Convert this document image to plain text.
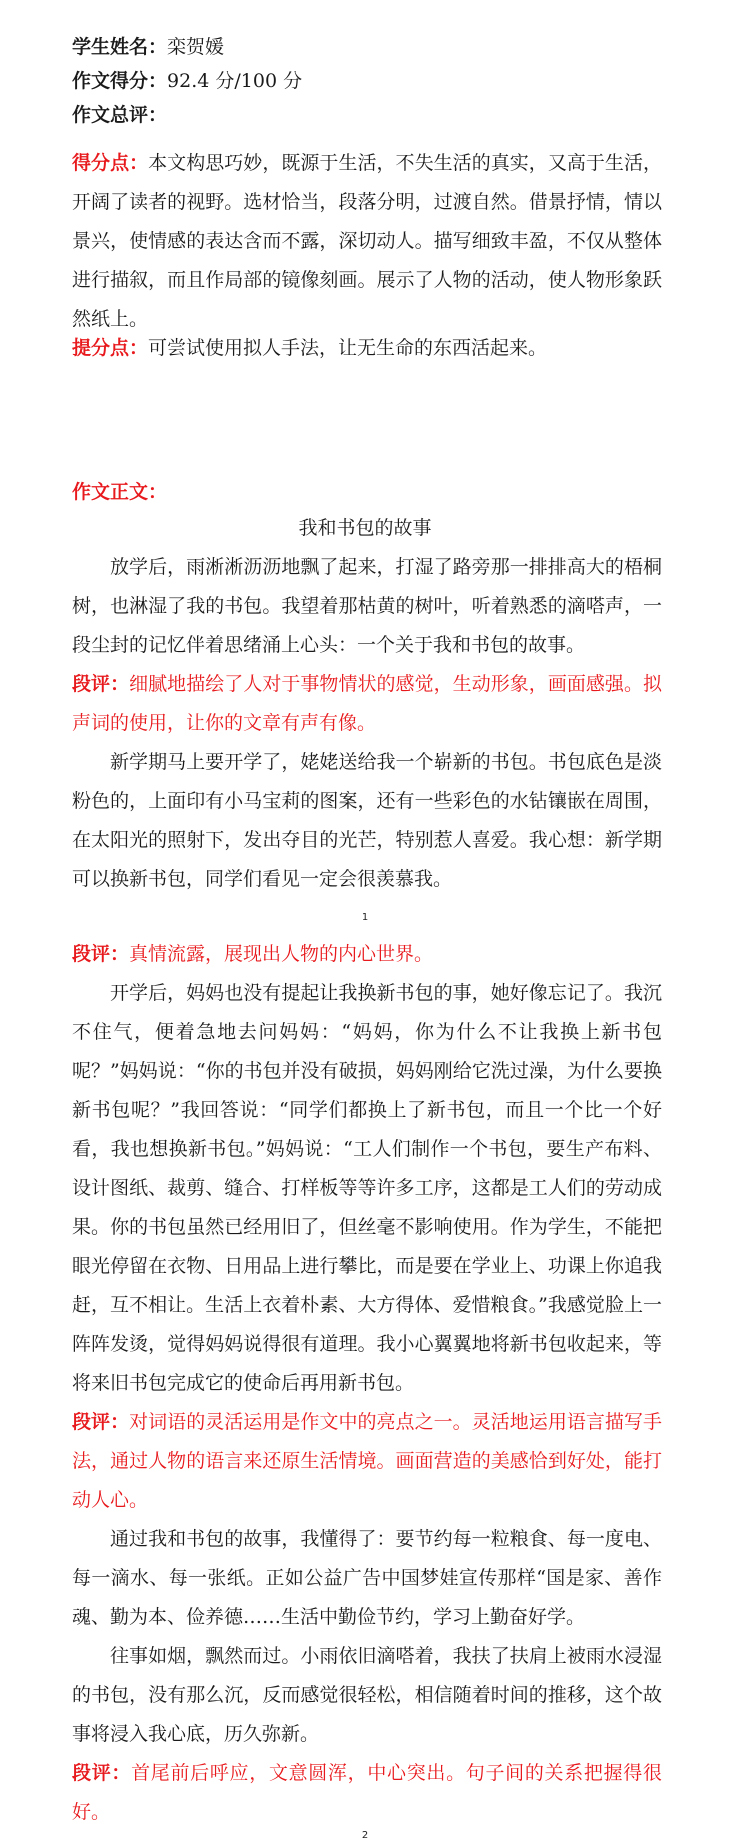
学生姓名：栾贺媛
作文得分：92.4 分/100 分
作文总评：
得分点：本文构思巧妙，既源于生活，不失生活的真实，又高于生活，开阔了读者的视野。选材恰当，段落分明，过渡自然。借景抒情，情以景兴，使情感的表达含而不露，深切动人。描写细致丰盈，不仅从整体进行描叙，而且作局部的镜像刻画。展示了人物的活动，使人物形象跃然纸上。
提分点：可尝试使用拟人手法，让无生命的东西活起来。
作文正文：
我和书包的故事
放学后，雨淅淅沥沥地飘了起来，打湿了路旁那一排排高大的梧桐树，也淋湿了我的书包。我望着那枯黄的树叶，听着熟悉的滴嗒声，一段尘封的记忆伴着思绪涌上心头：一个关于我和书包的故事。
段评：细腻地描绘了人对于事物情状的感觉，生动形象，画面感强。拟声词的使用，让你的文章有声有像。
新学期马上要开学了，姥姥送给我一个崭新的书包。书包底色是淡粉色的，上面印有小马宝莉的图案，还有一些彩色的水钻镶嵌在周围，在太阳光的照射下，发出夺目的光芒，特别惹人喜爱。我心想：新学期可以换新书包，同学们看见一定会很羡慕我。
1
段评：真情流露，展现出人物的内心世界。
开学后，妈妈也没有提起让我换新书包的事，她好像忘记了。我沉不住气，便着急地去问妈妈：“妈妈，你为什么不让我换上新书包呢？”妈妈说：“你的书包并没有破损，妈妈刚给它洗过澡，为什么要换新书包呢？”我回答说：“同学们都换上了新书包，而且一个比一个好看，我也想换新书包。”妈妈说：“工人们制作一个书包，要生产布料、设计图纸、裁剪、缝合、打样板等等许多工序，这都是工人们的劳动成果。你的书包虽然已经用旧了，但丝毫不影响使用。作为学生，不能把眼光停留在衣物、日用品上进行攀比，而是要在学业上、功课上你追我赶，互不相让。生活上衣着朴素、大方得体、爱惜粮食。”我感觉脸上一阵阵发烫，觉得妈妈说得很有道理。我小心翼翼地将新书包收起来，等将来旧书包完成它的使命后再用新书包。
段评：对词语的灵活运用是作文中的亮点之一。灵活地运用语言描写手法，通过人物的语言来还原生活情境。画面营造的美感恰到好处，能打动人心。
通过我和书包的故事，我懂得了：要节约每一粒粮食、每一度电、每一滴水、每一张纸。正如公益广告中国梦娃宣传那样“国是家、善作魂、勤为本、俭养德……生活中勤俭节约，学习上勤奋好学。
往事如烟，飘然而过。小雨依旧滴嗒着，我扶了扶肩上被雨水浸湿的书包，没有那么沉，反而感觉很轻松，相信随着时间的推移，这个故事将浸入我心底，历久弥新。
段评：首尾前后呼应，文意圆浑，中心突出。句子间的关系把握得很好。
2
